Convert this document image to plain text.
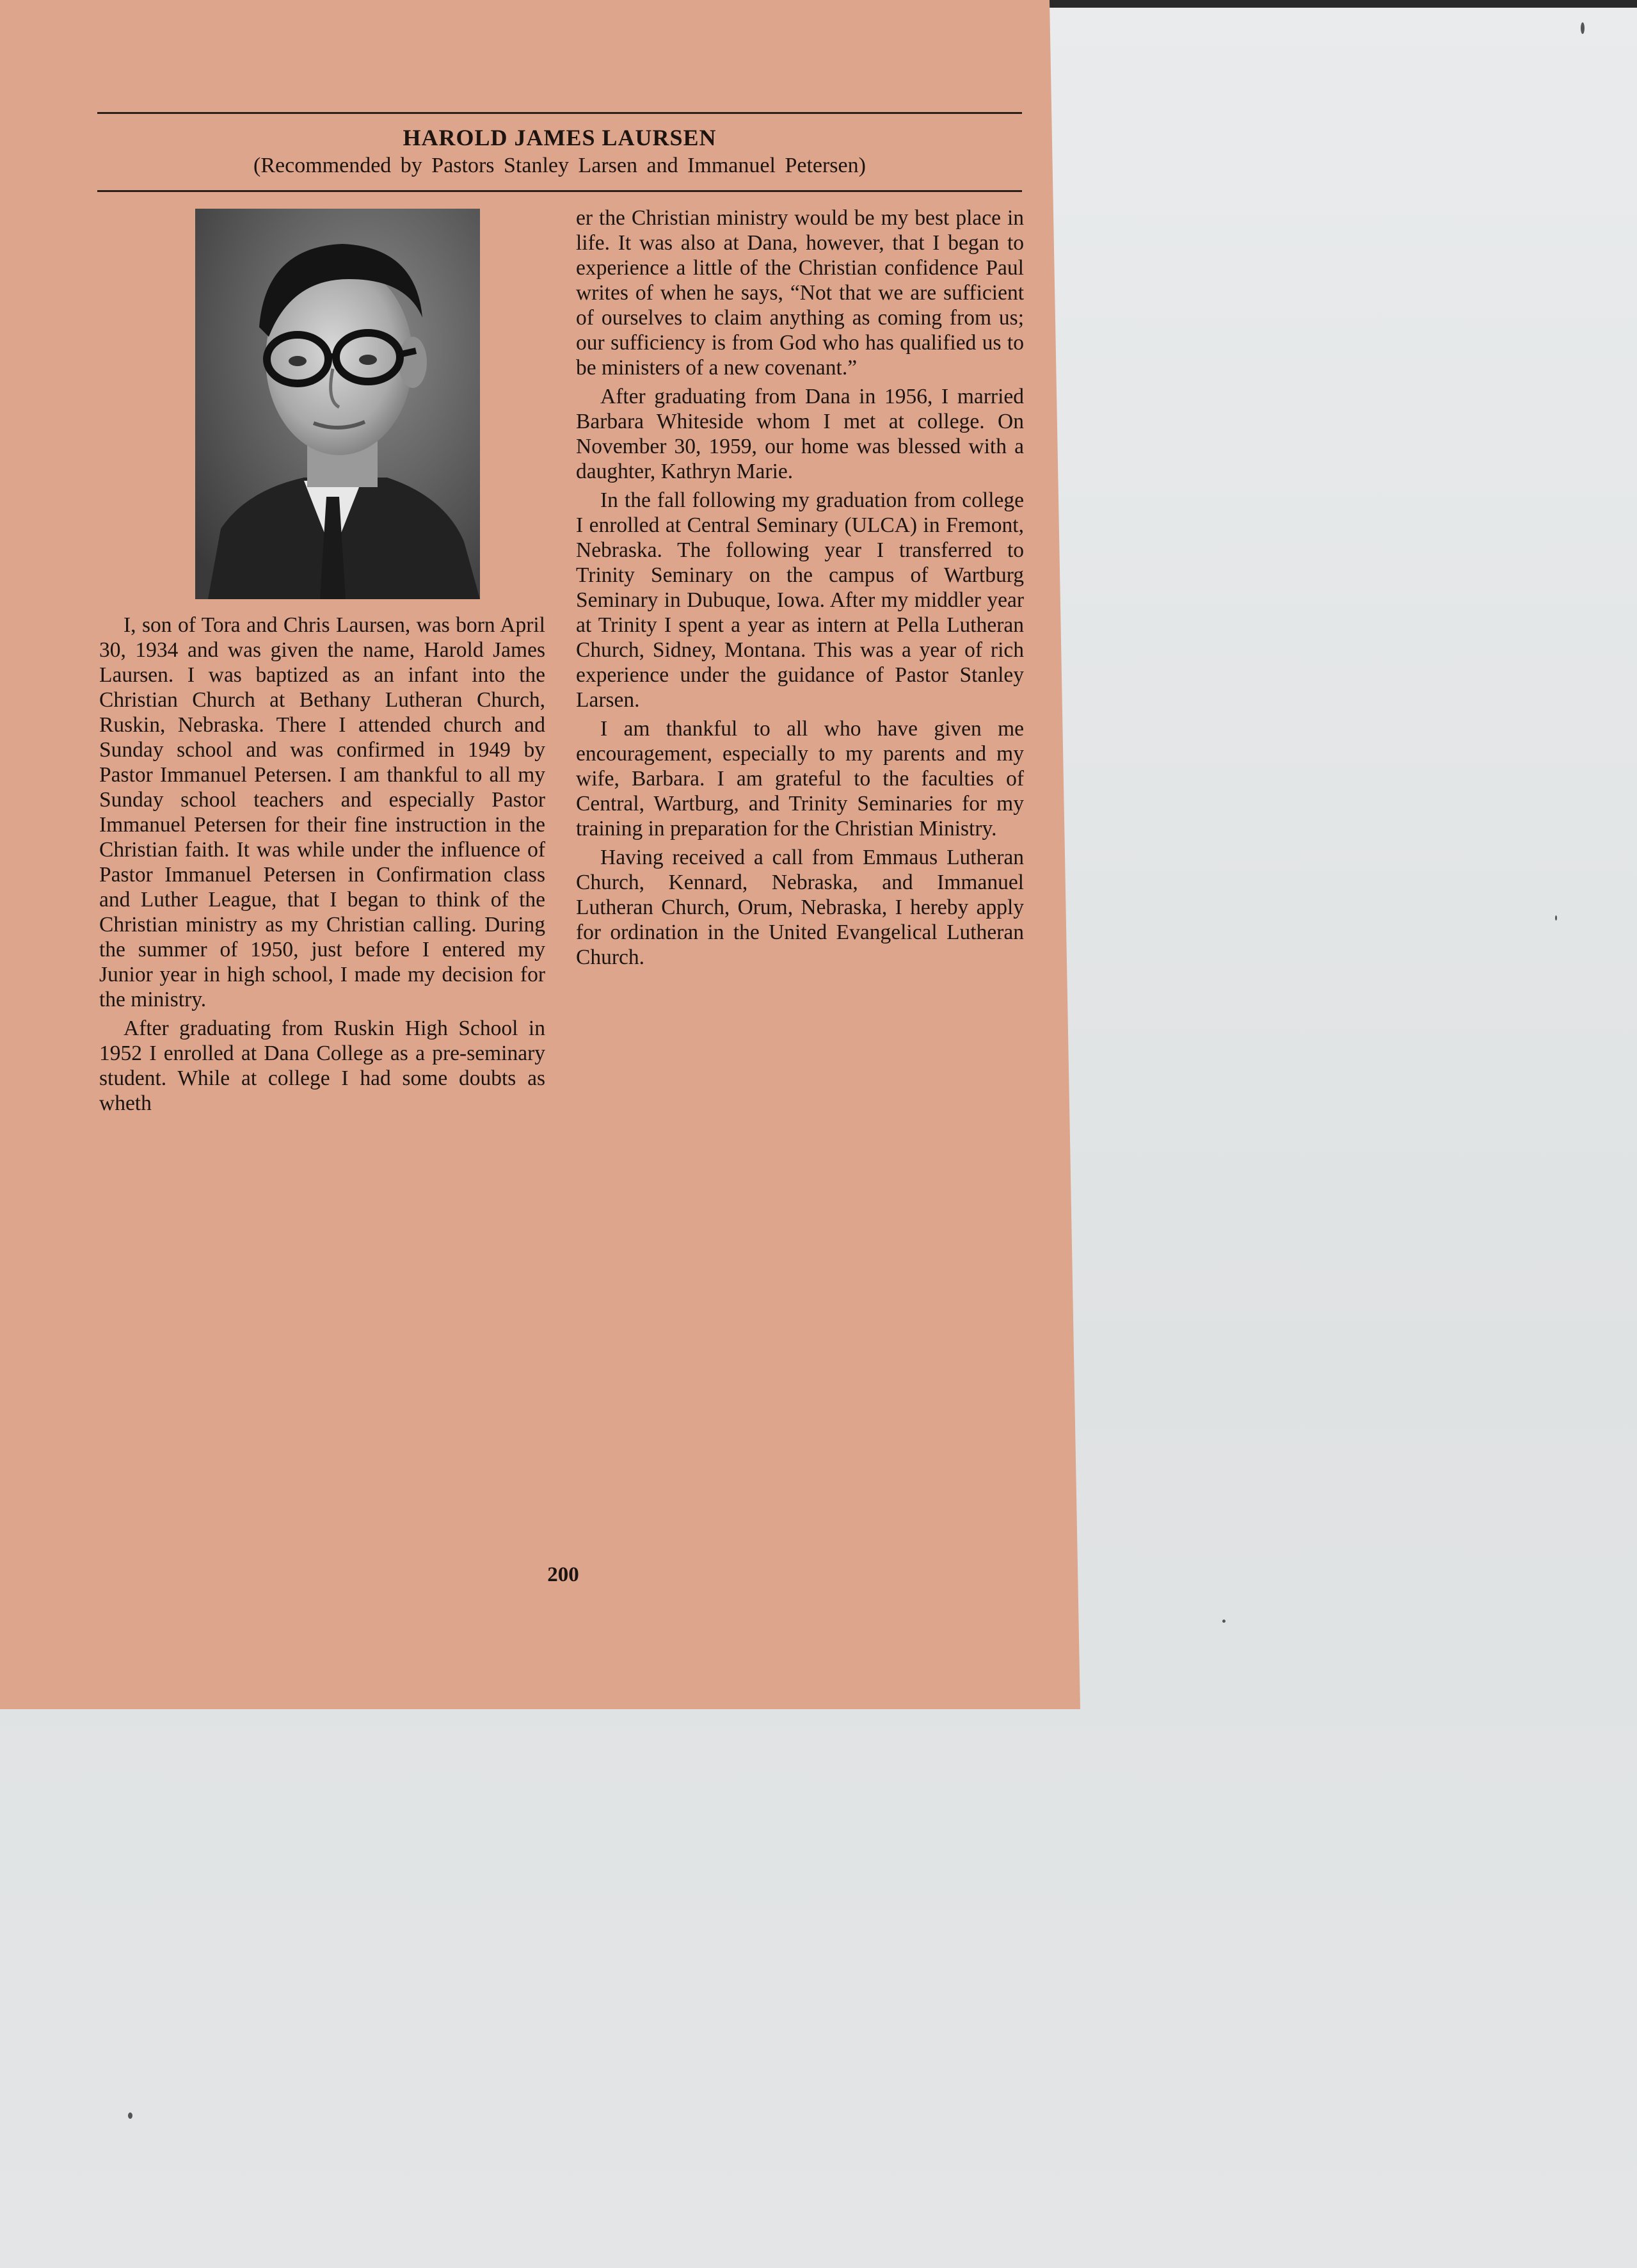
HAROLD JAMES LAURSEN
(Recommended by Pastors Stanley Larsen and Immanuel Petersen)

I, son of Tora and Chris Laursen, was born April 30, 1934 and was given the name, Harold James Laursen. I was baptized as an infant into the Christian Church at Bethany Lutheran Church, Ruskin, Nebraska. There I attended church and Sunday school and was confirmed in 1949 by Pastor Immanuel Petersen. I am thankful to all my Sunday school teachers and especially Pastor Immanuel Petersen for their fine instruction in the Christian faith. It was while under the influence of Pastor Immanuel Petersen in Confirmation class and Luther League, that I began to think of the Christian ministry as my Christian calling. During the summer of 1950, just before I entered my Junior year in high school, I made my decision for the ministry.

After graduating from Ruskin High School in 1952 I enrolled at Dana College as a pre-seminary student. While at college I had some doubts as wheth

er the Christian ministry would be my best place in life. It was also at Dana, however, that I began to experience a little of the Christian confidence Paul writes of when he says, “Not that we are sufficient of ourselves to claim anything as coming from us; our sufficiency is from God who has qualified us to be ministers of a new covenant.”

After graduating from Dana in 1956, I married Barbara Whiteside whom I met at college. On November 30, 1959, our home was blessed with a daughter, Kathryn Marie.

In the fall following my graduation from college I enrolled at Central Seminary (ULCA) in Fremont, Nebraska. The following year I transferred to Trinity Seminary on the campus of Wartburg Seminary in Dubuque, Iowa. After my middler year at Trinity I spent a year as intern at Pella Lutheran Church, Sidney, Montana. This was a year of rich experience under the guidance of Pastor Stanley Larsen.

I am thankful to all who have given me encouragement, especially to my parents and my wife, Barbara. I am grateful to the faculties of Central, Wartburg, and Trinity Seminaries for my training in preparation for the Christian Ministry.

Having received a call from Emmaus Lutheran Church, Kennard, Nebraska, and Immanuel Lutheran Church, Orum, Nebraska, I hereby apply for ordination in the United Evangelical Lutheran Church.

200
